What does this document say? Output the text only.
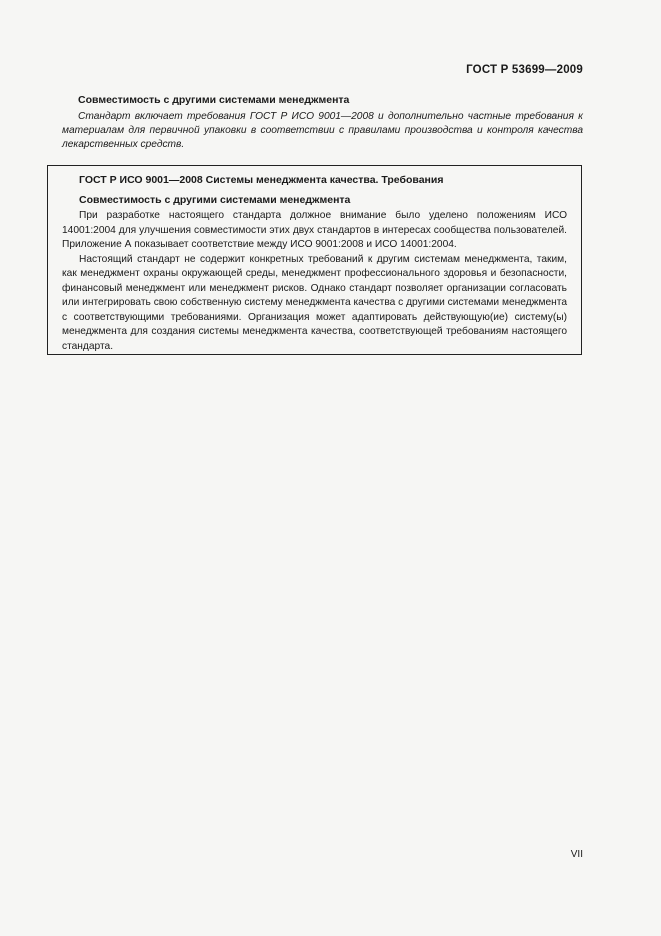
ГОСТ Р 53699—2009
Совместимость с другими системами менеджмента

Стандарт включает требования ГОСТ Р ИСО 9001—2008 и дополнительно частные требования к материалам для первичной упаковки в соответствии с правилами производства и контроля качества лекарственных средств.

ГОСТ Р ИСО 9001—2008 Системы менеджмента качества. Требования
Совместимость с другими системами менеджмента

При разработке настоящего стандарта должное внимание было уделено положениям ИСО 14001:2004 для улучшения совместимости этих двух стандартов в интересах сообщества пользователей. Приложение А показывает соответствие между ИСО 9001:2008 и ИСО 14001:2004.

Настоящий стандарт не содержит конкретных требований к другим системам менеджмента, таким, как менеджмент охраны окружающей среды, менеджмент профессионального здоровья и безопасности, финансовый менеджмент или менеджмент рисков. Однако стандарт позволяет организации согласовать или интегрировать свою собственную систему менеджмента качества с другими системами менеджмента с соответствующими требованиями. Организация может адаптировать действующую(ие) систему(ы) менеджмента для создания системы менеджмента качества, соответствующей требованиям настоящего стандарта.

VII
